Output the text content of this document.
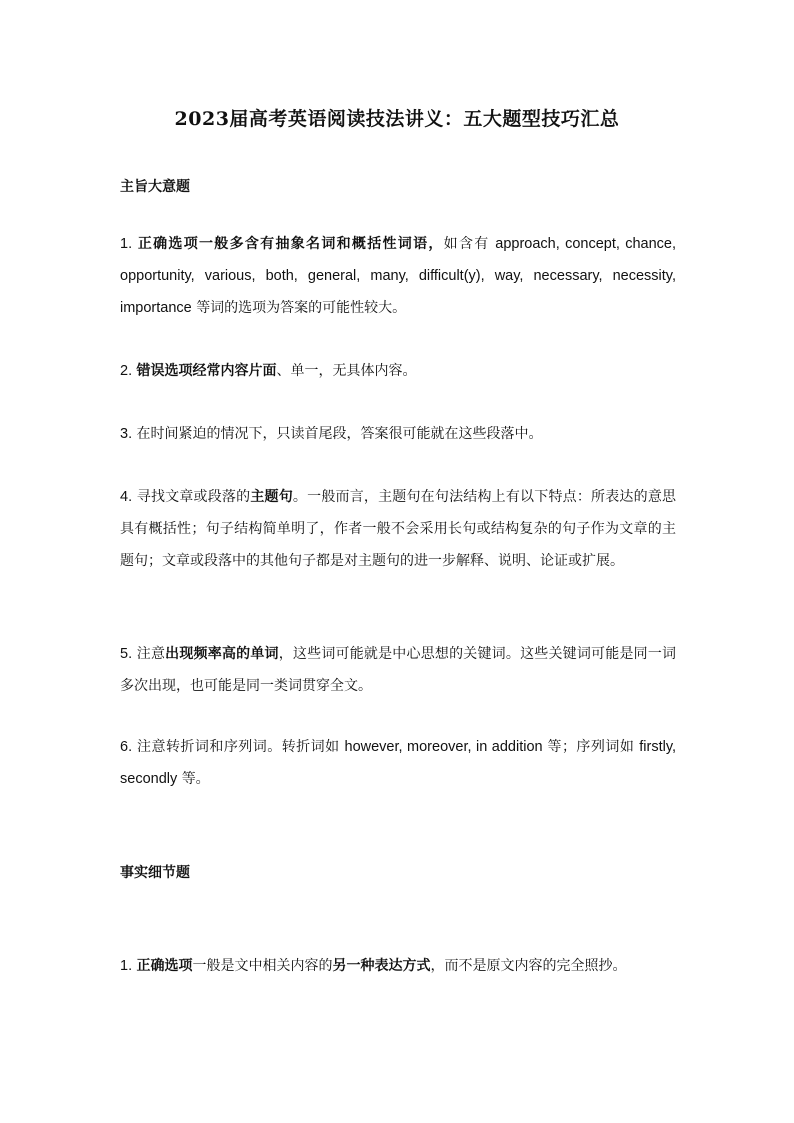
2023届高考英语阅读技法讲义：五大题型技巧汇总
主旨大意题

1. 正确选项一般多含有抽象名词和概括性词语，如含有 approach, concept, chance, opportunity, various, both, general, many, difficult(y), way, necessary, necessity, importance 等词的选项为答案的可能性较大。

2. 错误选项经常内容片面、单一，无具体内容。

3. 在时间紧迫的情况下，只读首尾段，答案很可能就在这些段落中。

4. 寻找文章或段落的主题句。一般而言，主题句在句法结构上有以下特点：所表达的意思具有概括性；句子结构简单明了，作者一般不会采用长句或结构复杂的句子作为文章的主题句；文章或段落中的其他句子都是对主题句的进一步解释、说明、论证或扩展。

5. 注意出现频率高的单词，这些词可能就是中心思想的关键词。这些关键词可能是同一词多次出现，也可能是同一类词贯穿全文。

6. 注意转折词和序列词。转折词如 however, moreover, in addition 等；序列词如 firstly, secondly 等。

事实细节题

1. 正确选项一般是文中相关内容的另一种表达方式，而不是原文内容的完全照抄。
